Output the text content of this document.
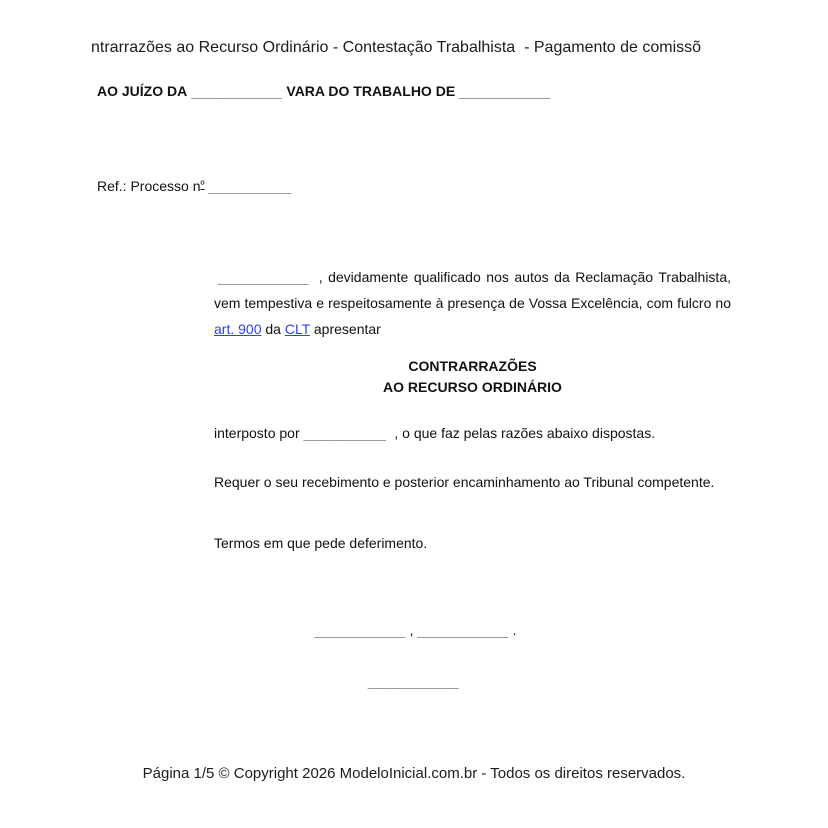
ntrarrazões ao Recurso Ordinário - Contestação Trabalhista  - Pagamento de comissõ
AO JUÍZO DA ___________ VARA DO TRABALHO DE ___________
Ref.: Processo $n^º$ __________
___________ , devidamente qualificado nos autos da Reclamação Trabalhista, vem tempestiva e respeitosamente à presença de Vossa Excelência, com fulcro no art. 900 da CLT apresentar
CONTRARRAZÕES
AO RECURSO ORDINÁRIO
interposto por __________ , o que faz pelas razões abaixo dispostas.
Requer o seu recebimento e posterior encaminhamento ao Tribunal competente.
Termos em que pede deferimento.
___________ , ___________ .
___________
Página 1/5 © Copyright 2026 ModeloInicial.com.br - Todos os direitos reservados.
